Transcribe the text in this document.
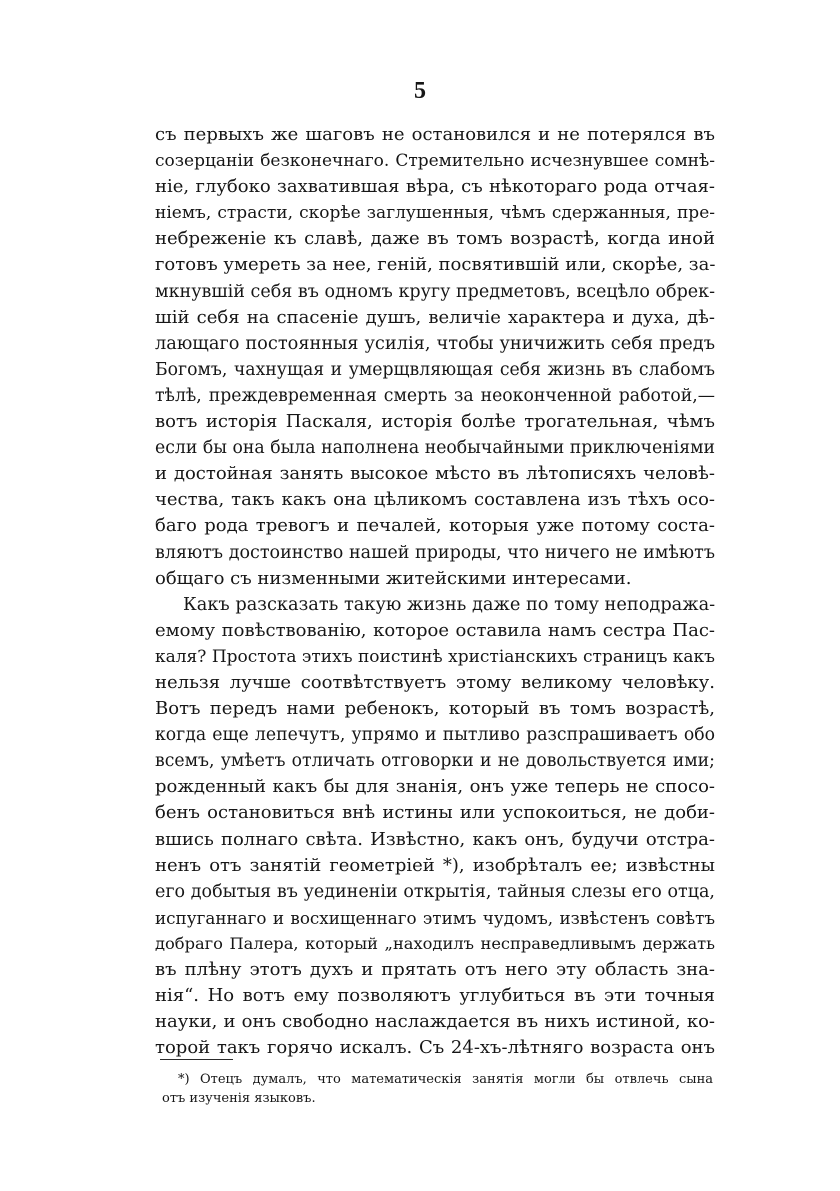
5
съ первыхъ же шаговъ не остановился и не потерялся въ
созерцаніи безконечнаго. Стремительно исчезнувшее сомнѣ-
ніе, глубоко захватившая вѣра, съ нѣкотораго рода отчая-
ніемъ, страсти, скорѣе заглушенныя, чѣмъ сдержанныя, пре-
небреженіе къ славѣ, даже въ томъ возрастѣ, когда иной
готовъ умереть за нее, геній, посвятившій или, скорѣе, за-
мкнувшій себя въ одномъ кругу предметовъ, всецѣло обрек-
шій себя на спасеніе душъ, величіе характера и духа, дѣ-
лающаго постоянныя усилія, чтобы уничижить себя предъ
Богомъ, чахнущая и умерщвляющая себя жизнь въ слабомъ
тѣлѣ, преждевременная смерть за неоконченной работой,—
вотъ исторія Паскаля, исторія болѣе трогательная, чѣмъ
если бы она была наполнена необычайными приключеніями
и достойная занять высокое мѣсто въ лѣтописяхъ человѣ-
чества, такъ какъ она цѣликомъ составлена изъ тѣхъ осо-
баго рода тревогъ и печалей, которыя уже потому соста-
вляютъ достоинство нашей природы, что ничего не имѣютъ
общаго съ низменными житейскими интересами.
Какъ разсказать такую жизнь даже по тому неподража-
емому повѣствованію, которое оставила намъ сестра Пас-
каля? Простота этихъ поистинѣ христіанскихъ страницъ какъ
нельзя лучше соотвѣтствуетъ этому великому человѣку.
Вотъ передъ нами ребенокъ, который въ томъ возрастѣ,
когда еще лепечутъ, упрямо и пытливо разспрашиваетъ обо
всемъ, умѣетъ отличать отговорки и не довольствуется ими;
рожденный какъ бы для знанія, онъ уже теперь не спосо-
бенъ остановиться внѣ истины или успокоиться, не доби-
вшись полнаго свѣта. Извѣстно, какъ онъ, будучи отстра-
ненъ отъ занятій геометріей *), изобрѣталъ ее; извѣстны
его добытыя въ уединеніи открытія, тайныя слезы его отца,
испуганнаго и восхищеннаго этимъ чудомъ, извѣстенъ совѣтъ
добраго Палера, который „находилъ несправедливымъ держать
въ плѣну этотъ духъ и прятать отъ него эту область зна-
нія“. Но вотъ ему позволяютъ углубиться въ эти точныя
науки, и онъ свободно наслаждается въ нихъ истиной, ко-
торой такъ горячо искалъ. Съ 24-хъ-лѣтняго возраста онъ
*) Отецъ думалъ, что математическія занятія могли бы отвлечь сына
отъ изученія языковъ.
